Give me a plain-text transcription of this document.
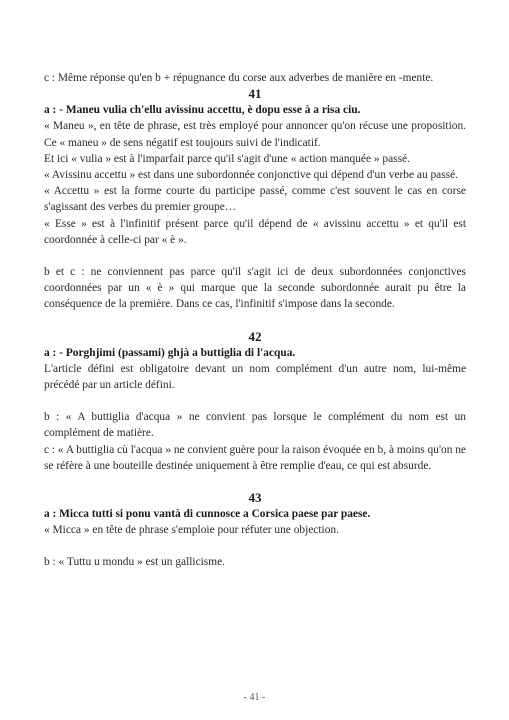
c : Même réponse qu'en b + répugnance du corse aux adverbes de manière en -mente.

41

a : - Maneu vulia ch'ellu avissinu accettu, è dopu esse à a risa ciu.

« Maneu », en tête de phrase, est très employé pour annoncer qu'on récuse une proposition. Ce « maneu » de sens négatif est toujours suivi de l'indicatif.

Et ici « vulia » est à l'imparfait parce qu'il s'agit d'une « action manquée » passé.

« Avissinu accettu » est dans une subordonnée conjonctive qui dépend d'un verbe au passé.

« Accettu » est la forme courte du participe passé, comme c'est souvent le cas en corse s'agissant des verbes du premier groupe…

« Esse » est à l'infinitif présent parce qu'il dépend de « avissinu accettu » et qu'il est coordonnée à celle-ci par « è ».

b et c : ne conviennent pas parce qu'il s'agit ici de deux subordonnées conjonctives coordonnées par un « è » qui marque que la seconde subordonnée aurait pu être la conséquence de la première. Dans ce cas, l'infinitif s'impose dans la seconde.

42

a : - Porghjimi (passami) ghjà a buttiglia di l'acqua.

L'article défini est obligatoire devant un nom complément d'un autre nom, lui-même précédé par un article défini.

b : « A buttiglia d'acqua » ne convient pas lorsque le complément du nom est un complément de matière.

c : « A buttiglia cù l'acqua » ne convient guère pour la raison évoquée en b, à moins qu'on ne se réfère à une bouteille destinée uniquement à être remplie d'eau, ce qui est absurde.

43

a : Micca tutti si ponu vantà di cunnosce a Corsica paese par paese.

« Micca » en tête de phrase s'emploie pour réfuter une objection.

b : « Tuttu u mondu » est un gallicisme.

- 41 -
